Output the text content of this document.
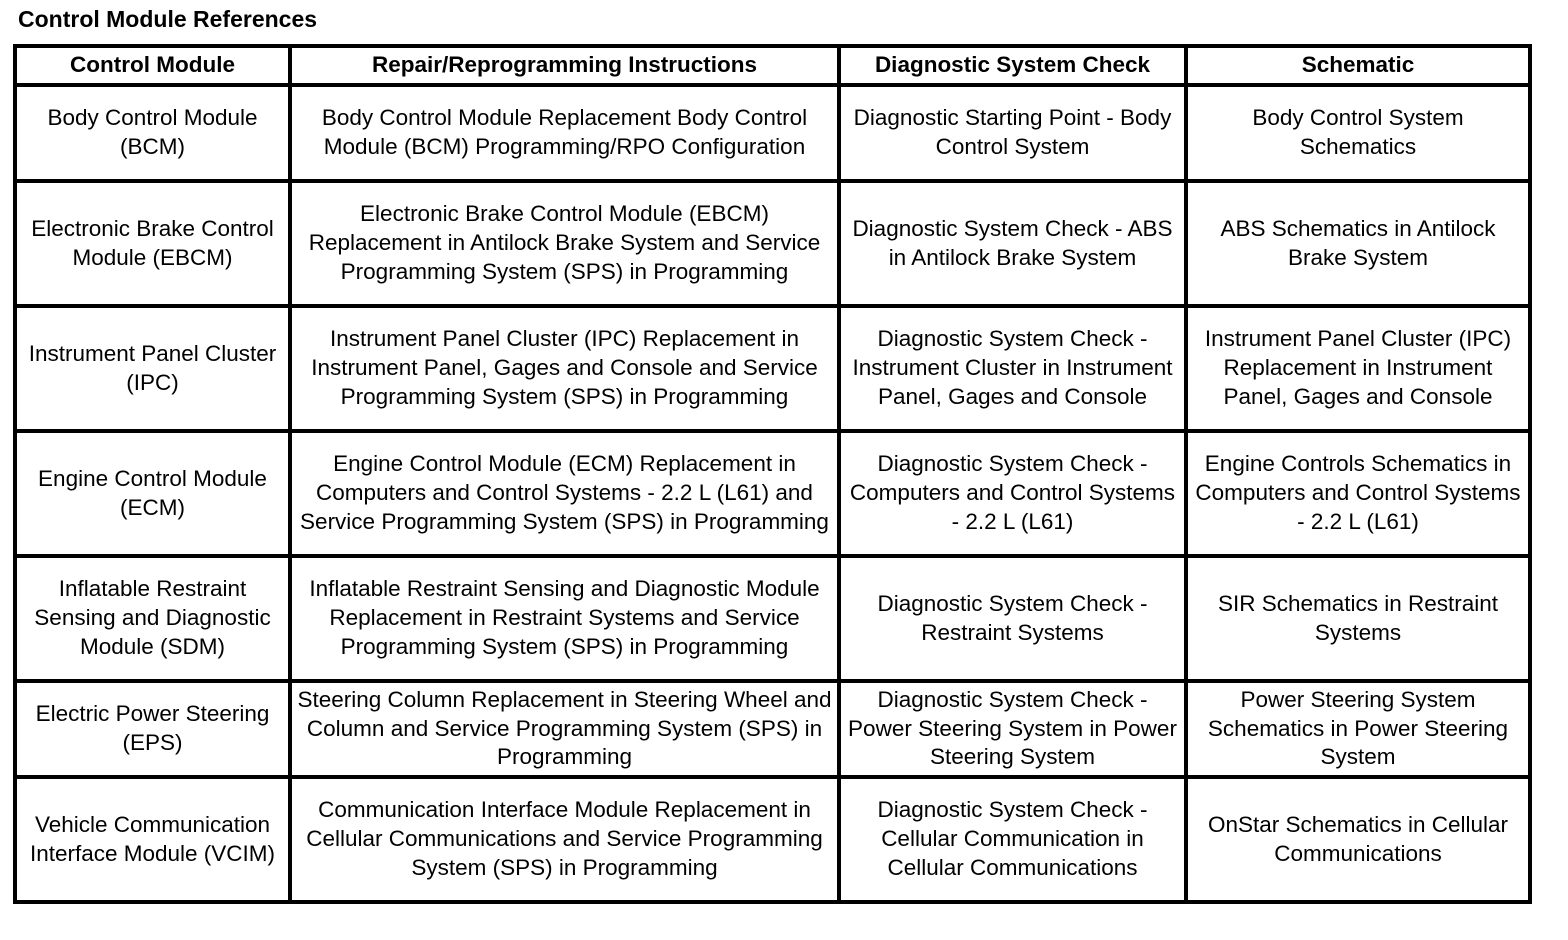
Control Module References
Control Module	Repair/Reprogramming Instructions	Diagnostic System Check	Schematic
Body Control Module (BCM)	Body Control Module Replacement Body Control Module (BCM) Programming/RPO Configuration	Diagnostic Starting Point - Body Control System	Body Control System Schematics
Electronic Brake Control Module (EBCM)	Electronic Brake Control Module (EBCM) Replacement in Antilock Brake System and Service Programming System (SPS) in Programming	Diagnostic System Check - ABS in Antilock Brake System	ABS Schematics in Antilock Brake System
Instrument Panel Cluster (IPC)	Instrument Panel Cluster (IPC) Replacement in Instrument Panel, Gages and Console and Service Programming System (SPS) in Programming	Diagnostic System Check - Instrument Cluster in Instrument Panel, Gages and Console	Instrument Panel Cluster (IPC) Replacement in Instrument Panel, Gages and Console
Engine Control Module (ECM)	Engine Control Module (ECM) Replacement in Computers and Control Systems - 2.2 L (L61) and Service Programming System (SPS) in Programming	Diagnostic System Check - Computers and Control Systems - 2.2 L (L61)	Engine Controls Schematics in Computers and Control Systems - 2.2 L (L61)
Inflatable Restraint Sensing and Diagnostic Module (SDM)	Inflatable Restraint Sensing and Diagnostic Module Replacement in Restraint Systems and Service Programming System (SPS) in Programming	Diagnostic System Check - Restraint Systems	SIR Schematics in Restraint Systems
Electric Power Steering (EPS)	Steering Column Replacement in Steering Wheel and Column and Service Programming System (SPS) in Programming	Diagnostic System Check - Power Steering System in Power Steering System	Power Steering System Schematics in Power Steering System
Vehicle Communication Interface Module (VCIM)	Communication Interface Module Replacement in Cellular Communications and Service Programming System (SPS) in Programming	Diagnostic System Check - Cellular Communication in Cellular Communications	OnStar Schematics in Cellular Communications
